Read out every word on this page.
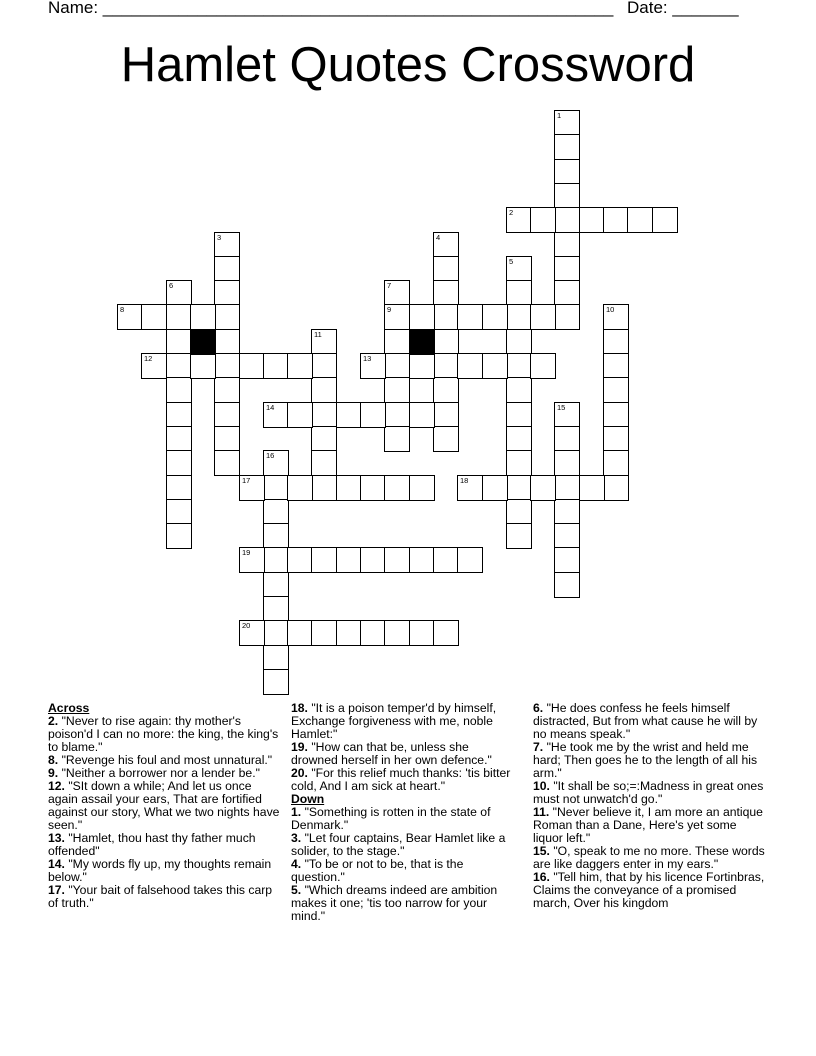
Name: ______________________________________________________ Date: _______
Hamlet Quotes Crossword
1
2
3	4
5
6	7
9
8	10
11
12	13
14	15
16
17	18
19
20
Across
2. "Never to rise again: thy mother's poison'd I can no more: the king, the king's to blame."
8. "Revenge his foul and most unnatural."
9. "Neither a borrower nor a lender be."
12. "SIt down a while; And let us once again assail your ears, That are fortified against our story, What we two nights have seen."
13. "Hamlet, thou hast thy father much offended"
14. "My words fly up, my thoughts remain below."
17. "Your bait of falsehood takes this carp of truth."
18. "It is a poison temper'd by himself, Exchange forgiveness with me, noble Hamlet:"
19. "How can that be, unless she drowned herself in her own defence."
20. "For this relief much thanks: 'tis bitter cold, And I am sick at heart."
Down
1. "Something is rotten in the state of Denmark."
3. "Let four captains, Bear Hamlet like a solider, to the stage."
4. "To be or not to be, that is the question."
5. "Which dreams indeed are ambition makes it one; 'tis too narrow for your mind."
6. "He does confess he feels himself distracted, But from what cause he will by no means speak."
7. "He took me by the wrist and held me hard; Then goes he to the length of all his arm."
10. "It shall be so;=:Madness in great ones must not unwatch'd go."
11. "Never believe it, I am more an antique Roman than a Dane, Here's yet some liquor left."
15. "O, speak to me no more. These words are like daggers enter in my ears."
16. "Tell him, that by his licence Fortinbras, Claims the conveyance of a promised march, Over his kingdom
